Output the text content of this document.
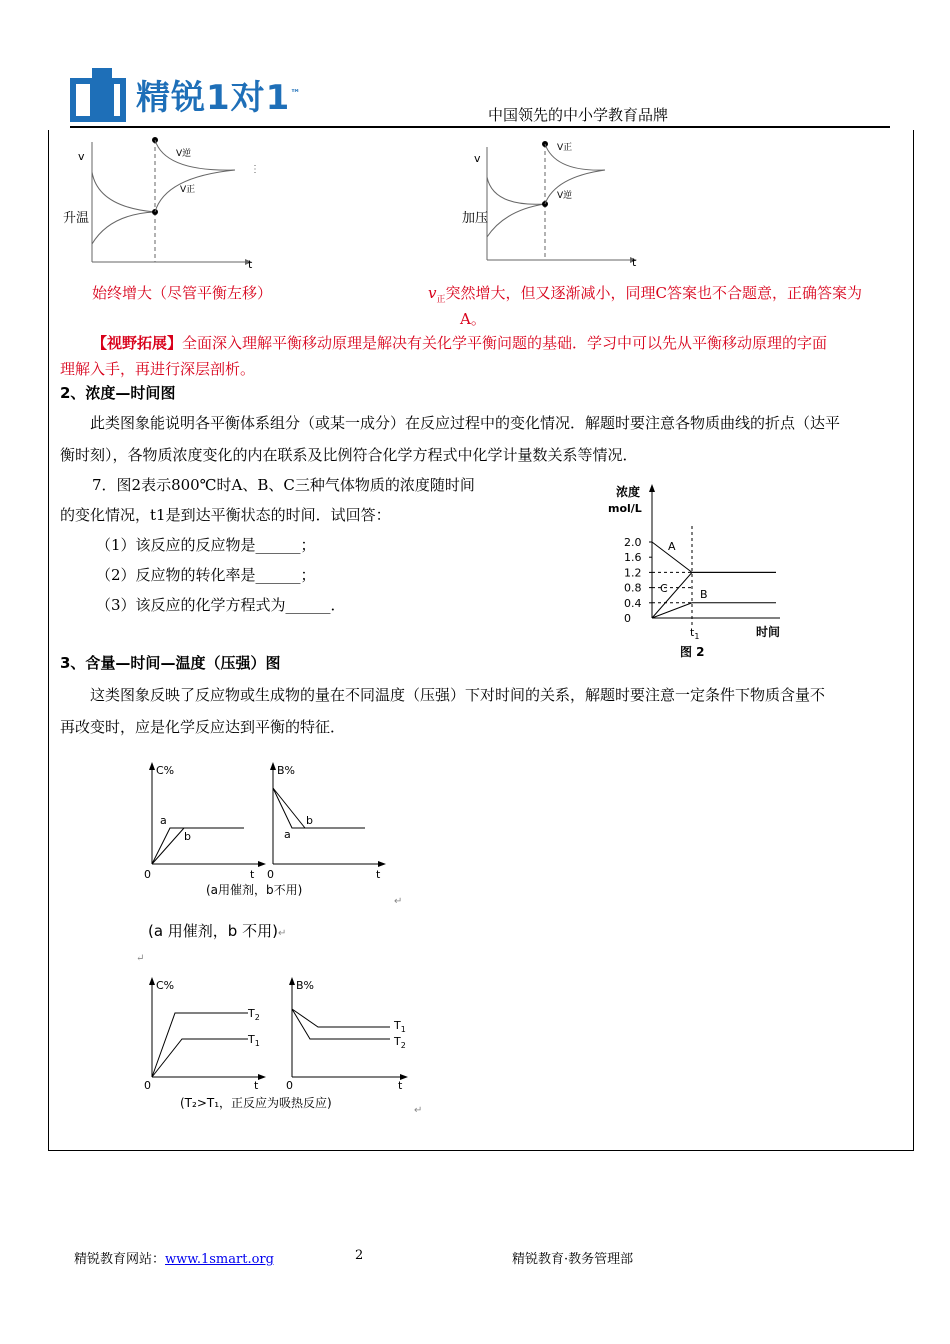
精锐1对1™
中国领先的中小学教育品牌
v
t
V逆
V正
升温
⋮
v
t
V正
V逆
加压
始终增大（尽管平衡左移）	$v_正$突然增大，但又逐渐减小，同理C答案也不合题意，正确答案为
A。
【视野拓展】全面深入理解平衡移动原理是解决有关化学平衡问题的基础．学习中可以先从平衡移动原理的字面
理解入手，再进行深层剖析。
2、浓度—时间图
此类图象能说明各平衡体系组分（或某一成分）在反应过程中的变化情况．解题时要注意各物质曲线的折点（达平
衡时刻），各物质浓度变化的内在联系及比例符合化学方程式中化学计量数关系等情况．
7．图2表示800℃时A、B、C三种气体物质的浓度随时间
的变化情况，t1是到达平衡状态的时间．试回答：
（1）该反应的反应物是______；
（2）反应物的转化率是______；
（3）该反应的化学方程式为______．
2.0
1.6
1.2
0.8
0.4
0
浓度
mol/L
A
C	B
$t_1$	时间
图 2
3、含量—时间—温度（压强）图
这类图象反映了反应物或生成物的量在不同温度（压强）下对时间的关系，解题时要注意一定条件下物质含量不
再改变时，应是化学反应达到平衡的特征．
C%
a
b
0	t
B%
a
b
0	t
(a用催剂，b不用)
↵
(a 用催剂，b 不用)↵
↵
C%
$T_2$
$T_1$
0	t
B%
$T_1$
$T_2$
0	t
(T₂>T₁，正反应为吸热反应)
↵
精锐教育网站：www.1smart.org	2	精锐教育·教务管理部
